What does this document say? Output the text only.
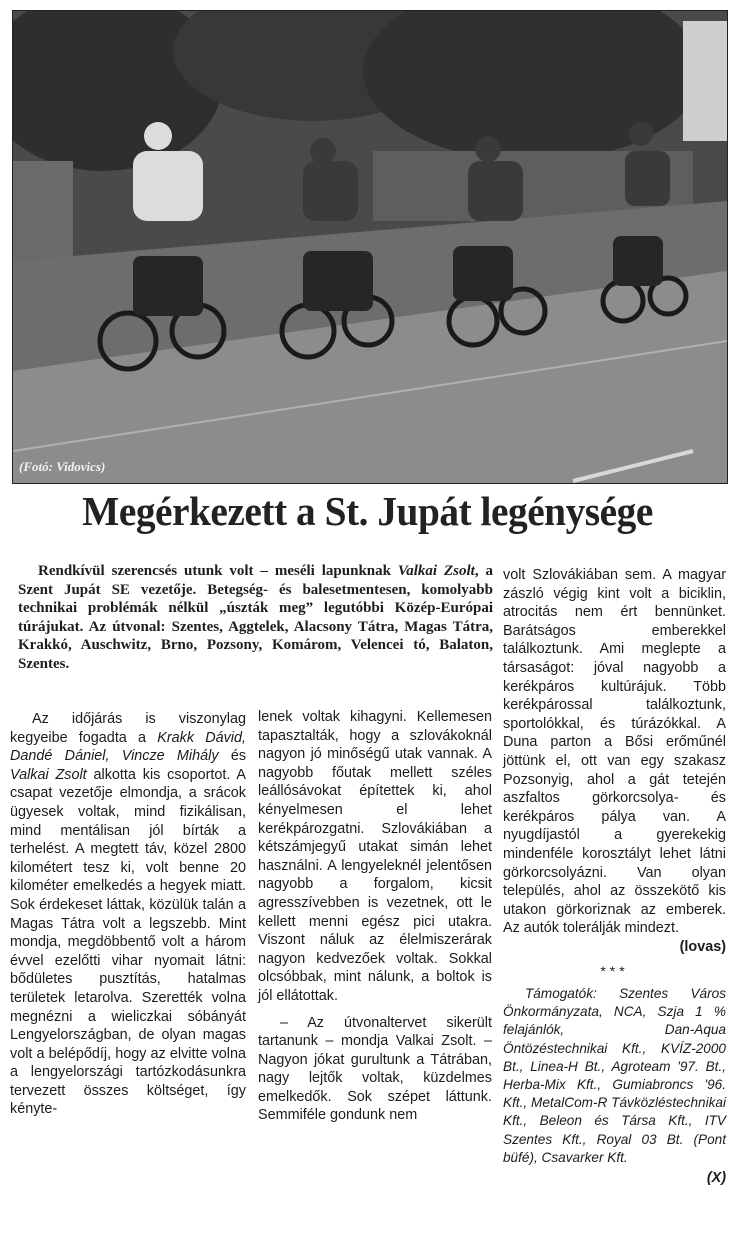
(Fotó: Vidovics)
Megérkezett a St. Jupát legénysége
Rendkívül szerencsés utunk volt – meséli lapunknak Valkai Zsolt, a Szent Jupát SE vezetője. Betegség- és balesetmentesen, komolyabb technikai problémák nélkül „úszták meg” legutóbbi Közép-Európai túrájukat. Az útvonal: Szentes, Aggtelek, Alacsony Tátra, Magas Tátra, Krakkó, Auschwitz, Brno, Pozsony, Komárom, Velencei tó, Balaton, Szentes.

Az időjárás is viszonylag kegyeibe fogadta a Krakk Dávid, Dandé Dániel, Vincze Mihály és Valkai Zsolt alkotta kis csoportot. A csapat vezetője elmondja, a srácok ügyesek voltak, mind fizikálisan, mind mentálisan jól bírták a terhelést. A megtett táv, közel 2800 kilométert tesz ki, volt benne 20 kilométer emelkedés a hegyek miatt. Sok érdekeset láttak, közülük talán a Magas Tátra volt a legszebb. Mint mondja, megdöbbentő volt a három évvel ezelőtti vihar nyomait látni: bődületes pusztítás, hatalmas területek letarolva. Szerették volna megnézni a wieliczkai sóbányát Lengyelországban, de olyan magas volt a belépődíj, hogy az elvitte volna a lengyelországi tartózkodásunkra tervezett összes költséget, így kényte-

lenek voltak kihagyni. Kellemesen tapasztalták, hogy a szlovákoknál nagyon jó minőségű utak vannak. A nagyobb főutak mellett széles leállósávokat építettek ki, ahol kényelmesen el lehet kerékpározgatni. Szlovákiában a kétszámjegyű utakat simán lehet használni. A lengyeleknél jelentősen nagyobb a forgalom, kicsit agresszívebben is vezetnek, ott le kellett menni egész pici utakra. Viszont náluk az élelmiszerárak nagyon kedvezőek voltak. Sokkal olcsóbbak, mint nálunk, a boltok is jól ellátottak.

– Az útvonaltervet sikerült tartanunk – mondja Valkai Zsolt. – Nagyon jókat gurultunk a Tátrában, nagy lejtők voltak, küzdelmes emelkedők. Sok szépet láttunk. Semmiféle gondunk nem

volt Szlovákiában sem. A magyar zászló végig kint volt a biciklin, atrocitás nem ért bennünket. Barátságos emberekkel találkoztunk. Ami meglepte a társaságot: jóval nagyobb a kerékpáros kultúrájuk. Több kerékpárossal találkoztunk, sportolókkal, és túrázókkal. A Duna parton a Bősi erőműnél jöttünk el, ott van egy szakasz Pozsonyig, ahol a gát tetején aszfaltos görkorcsolya- és kerékpáros pálya van. A nyugdíjastól a gyerekekig mindenféle korosztályt lehet látni görkorcsolyázni. Van olyan település, ahol az összekötő kis utakon görkoriznak az emberek. Az autók tolerálják mindezt.

(lovas)

***

Támogatók: Szentes Város Önkormányzata, NCA, Szja 1 % felajánlók, Dan-Aqua Öntözéstechnikai Kft., KVÍZ-2000 Bt., Linea-H Bt., Agroteam '97. Bt., Herba-Mix Kft., Gumiabroncs '96. Kft., MetalCom-R Távközléstechnikai Kft., Beleon és Társa Kft., ITV Szentes Kft., Royal 03 Bt. (Pont büfé), Csavarker Kft.

(X)
